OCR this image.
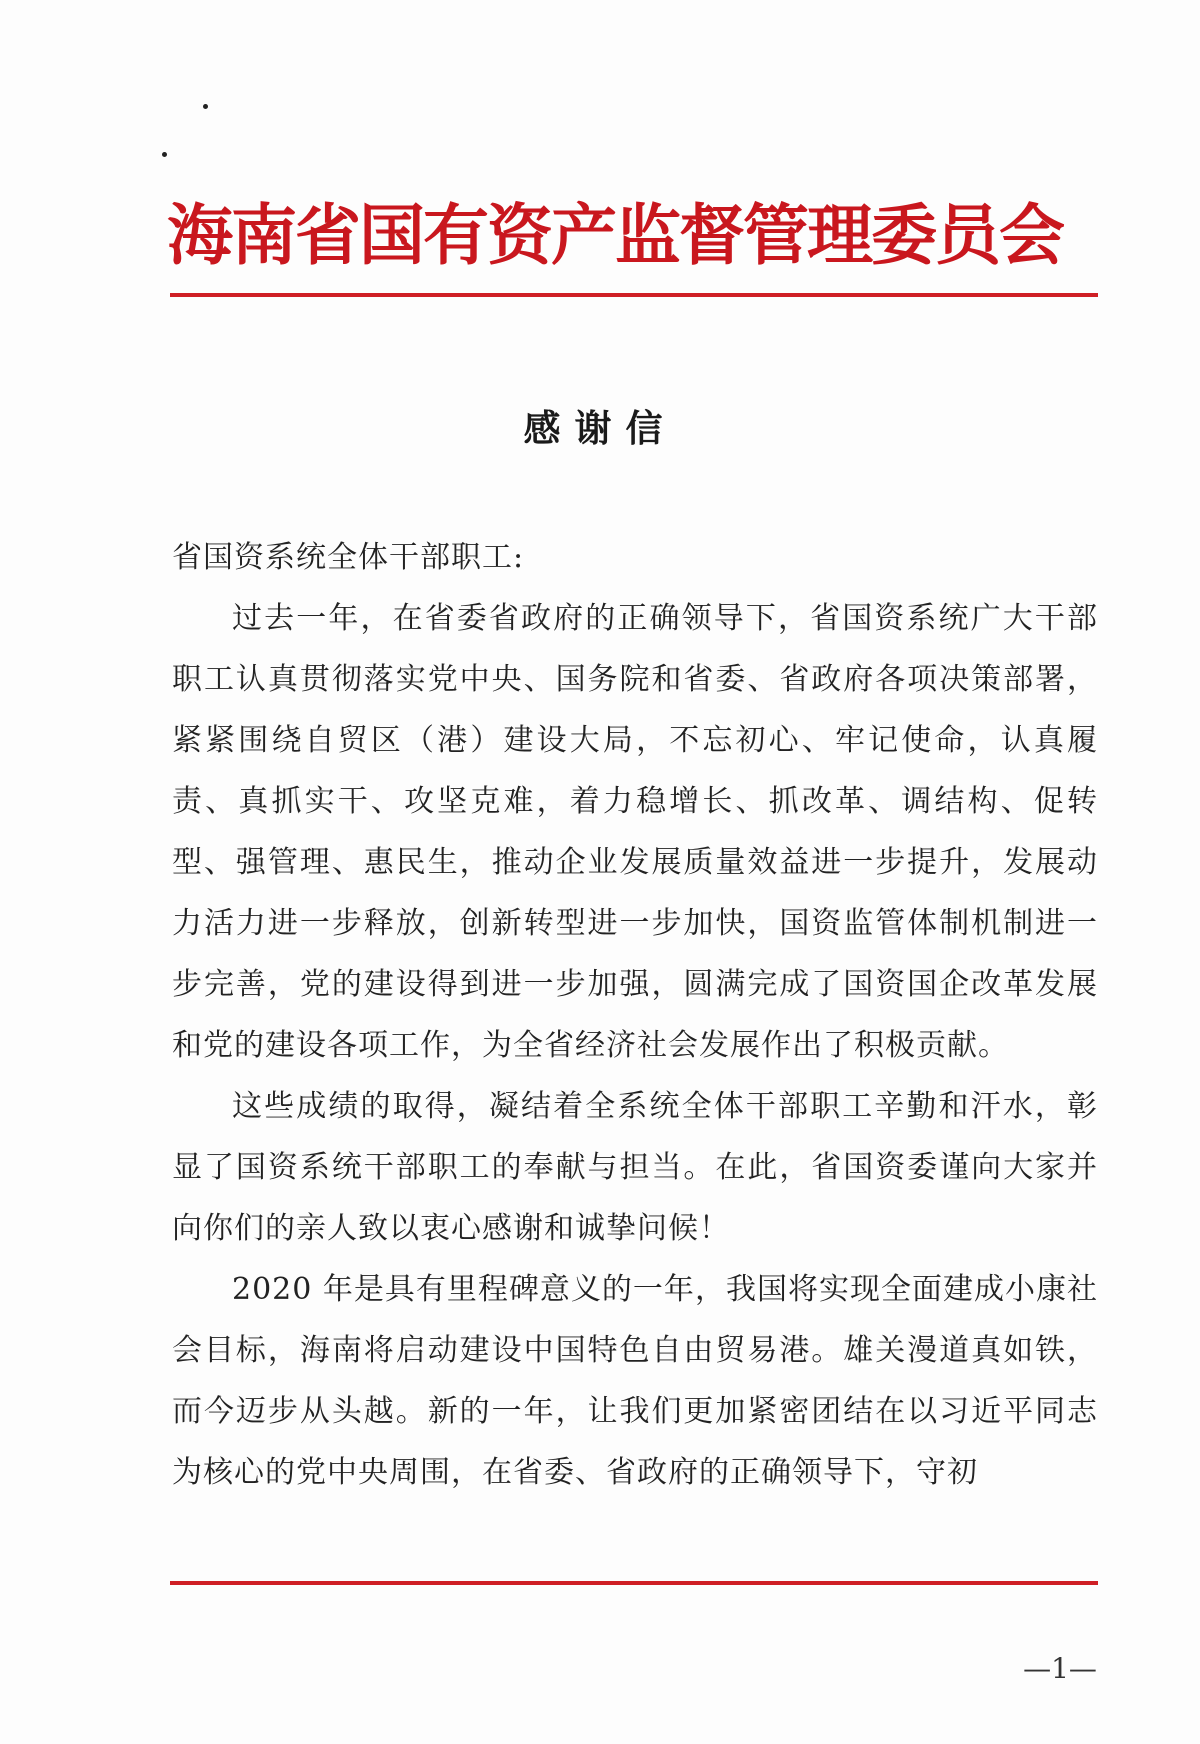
海南省国有资产监督管理委员会
感谢信

省国资系统全体干部职工:

过去一年，在省委省政府的正确领导下，省国资系统广大干部职工认真贯彻落实党中央、国务院和省委、省政府各项决策部署，紧紧围绕自贸区（港）建设大局，不忘初心、牢记使命，认真履责、真抓实干、攻坚克难，着力稳增长、抓改革、调结构、促转型、强管理、惠民生，推动企业发展质量效益进一步提升，发展动力活力进一步释放，创新转型进一步加快，国资监管体制机制进一步完善，党的建设得到进一步加强，圆满完成了国资国企改革发展和党的建设各项工作，为全省经济社会发展作出了积极贡献。

这些成绩的取得，凝结着全系统全体干部职工辛勤和汗水，彰显了国资系统干部职工的奉献与担当。在此，省国资委谨向大家并向你们的亲人致以衷心感谢和诚挚问候！

2020 年是具有里程碑意义的一年，我国将实现全面建成小康社会目标，海南将启动建设中国特色自由贸易港。雄关漫道真如铁，而今迈步从头越。新的一年，让我们更加紧密团结在以习近平同志为核心的党中央周围，在省委、省政府的正确领导下，守初

—1—
